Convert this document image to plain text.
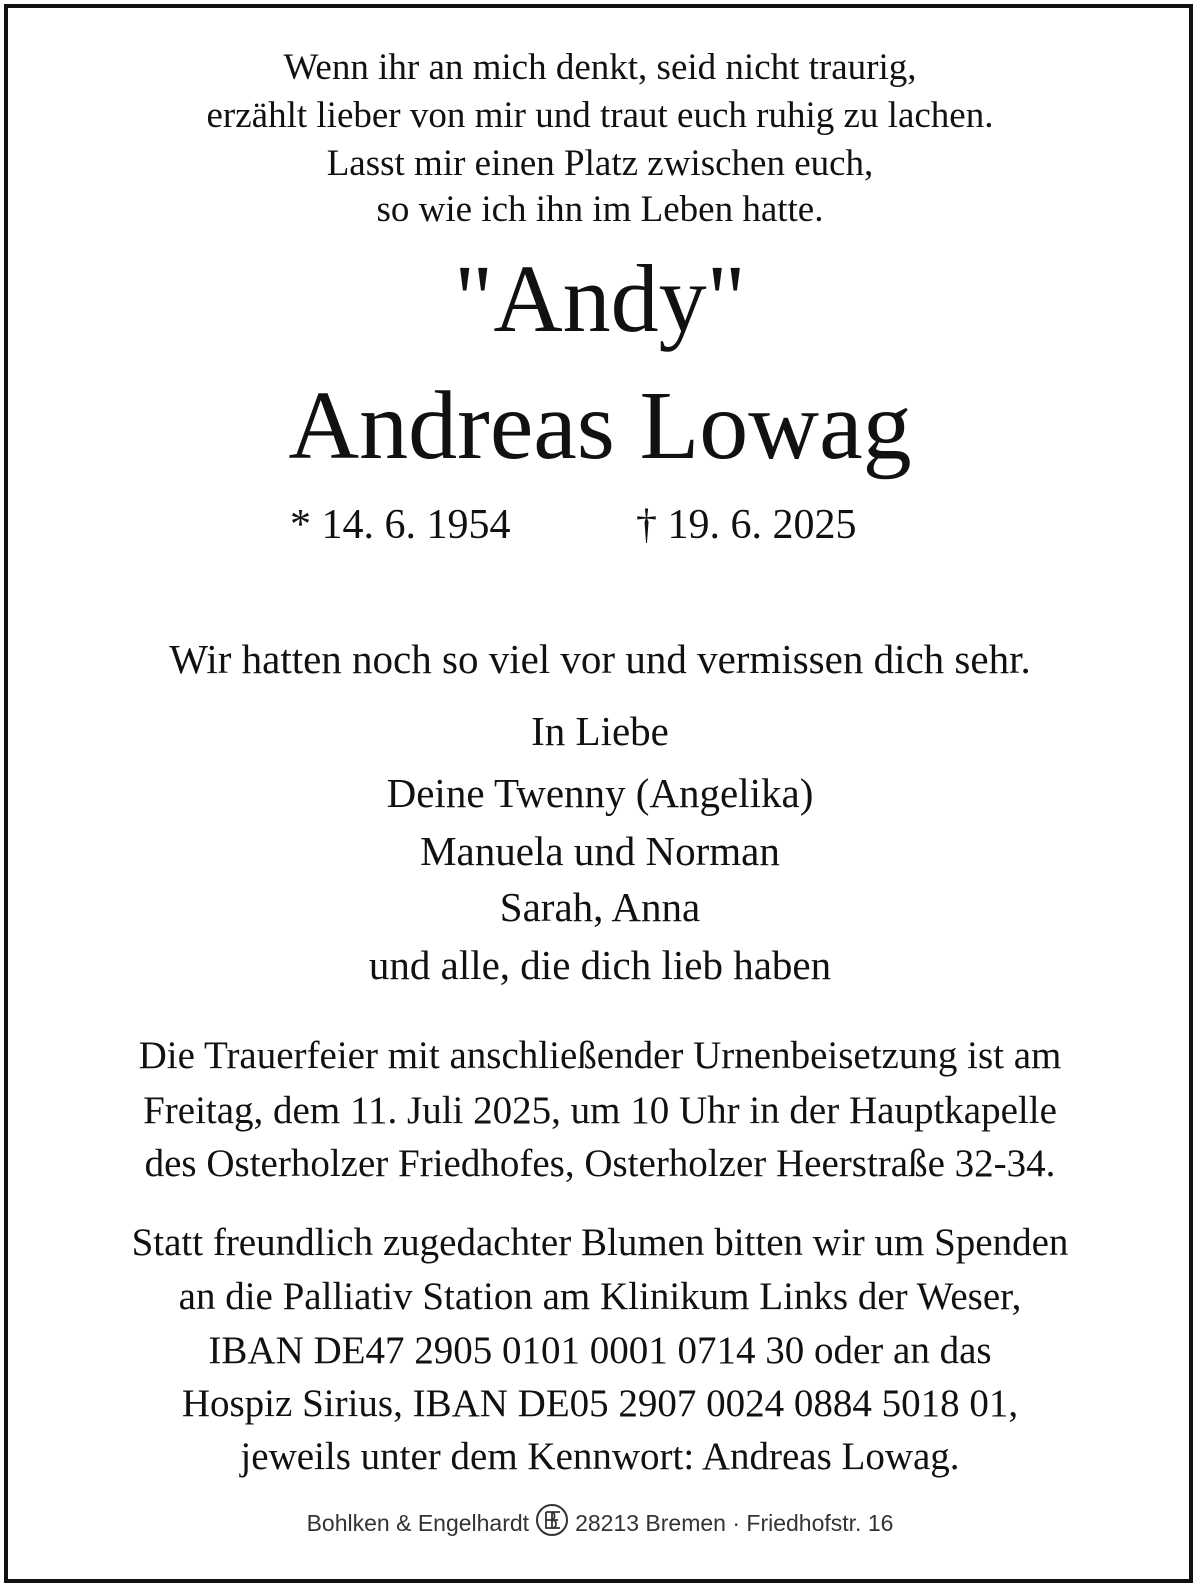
Wenn ihr an mich denkt, seid nicht traurig,
erzählt lieber von mir und traut euch ruhig zu lachen.
Lasst mir einen Platz zwischen euch,
so wie ich ihn im Leben hatte.
"Andy"
Andreas Lowag
* 14. 6. 1954	† 19. 6. 2025
Wir hatten noch so viel vor und vermissen dich sehr.
In Liebe
Deine Twenny (Angelika)
Manuela und Norman
Sarah, Anna
und alle, die dich lieb haben
Die Trauerfeier mit anschließender Urnenbeisetzung ist am
Freitag, dem 11. Juli 2025, um 10 Uhr in der Hauptkapelle
des Osterholzer Friedhofes, Osterholzer Heerstraße 32-34.
Statt freundlich zugedachter Blumen bitten wir um Spenden
an die Palliativ Station am Klinikum Links der Weser,
IBAN DE47 2905 0101 0001 0714 30 oder an das
Hospiz Sirius, IBAN DE05 2907 0024 0884 5018 01,
jeweils unter dem Kennwort: Andreas Lowag.
Bohlken & Engelhardt 28213 Bremen · Friedhofstr. 16
